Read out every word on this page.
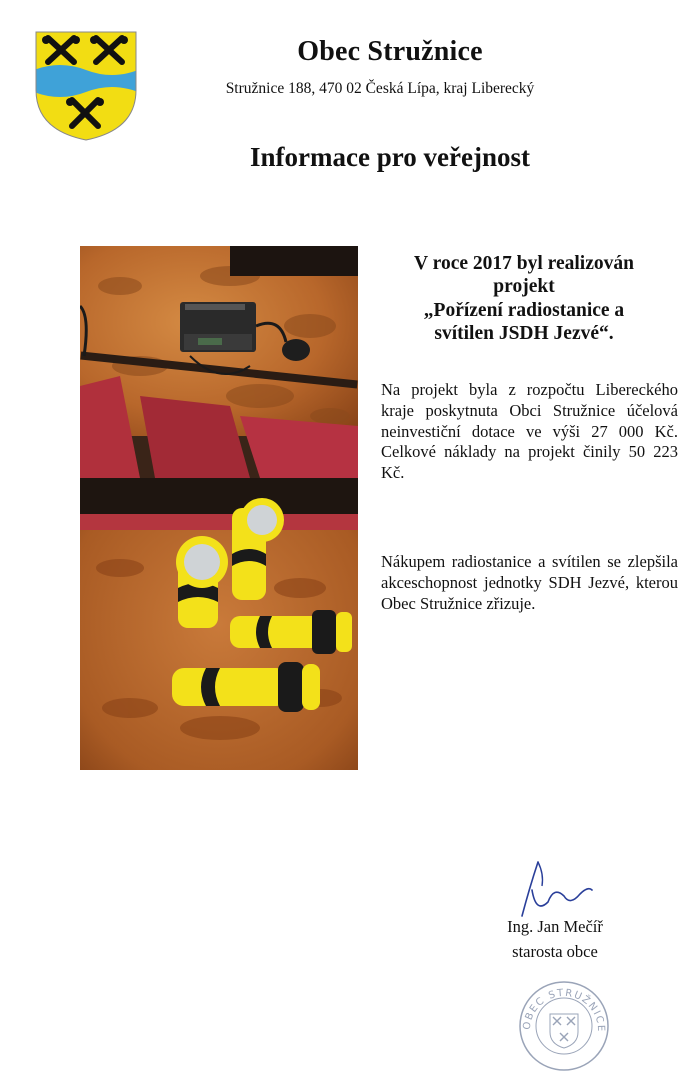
Obec Stružnice
Stružnice 188, 470 02 Česká Lípa, kraj Liberecký
Informace pro veřejnost
V roce 2017 byl realizován
projekt
„Pořízení radiostanice a
svítilen JSDH Jezvé“.
Na projekt byla z rozpočtu Libereckého kraje poskytnuta Obci Stružnice účelová neinvestiční dotace ve výši 27 000 Kč. Celkové náklady na projekt činily 50 223 Kč.
Nákupem radiostanice a svítilen se zlepšila akceschopnost jednotky SDH Jezvé, kterou Obec Stružnice zřizuje.
Ing. Jan Mečíř
starosta obce
OBEC STRUŽNICE
